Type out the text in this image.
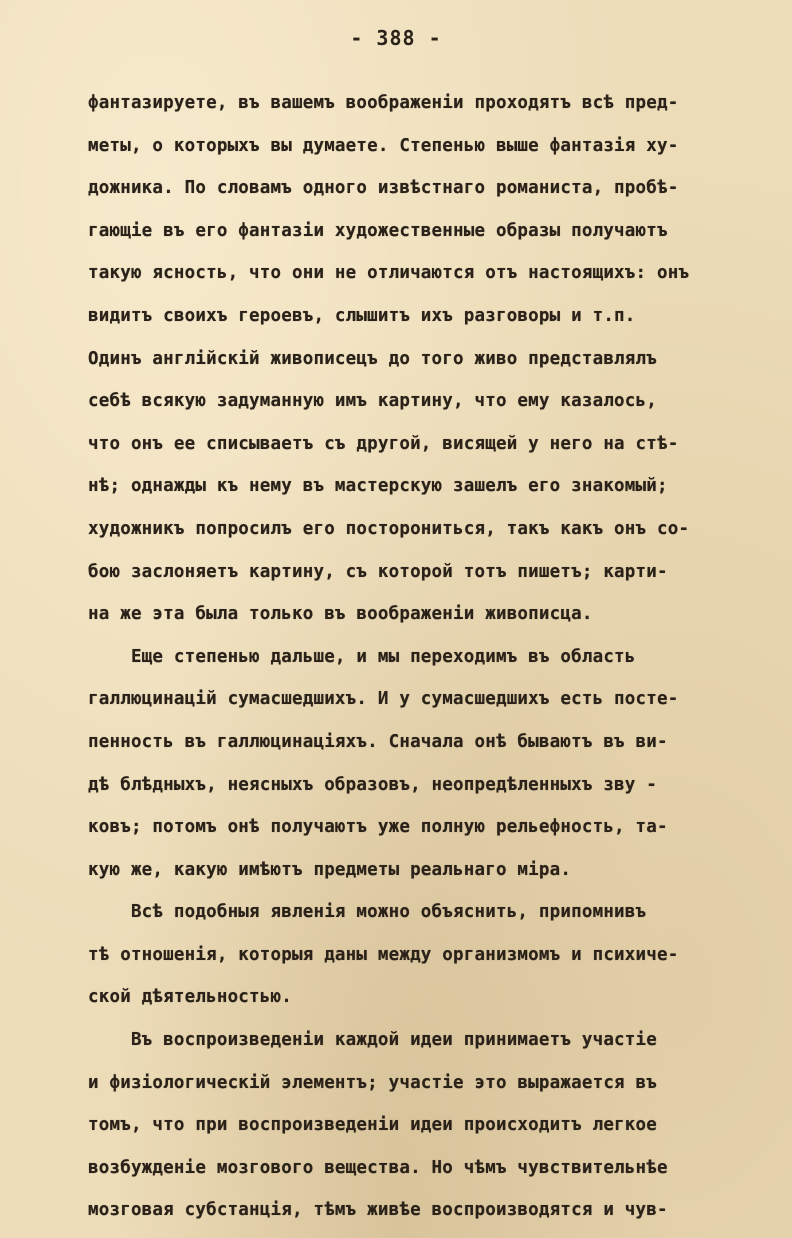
- 388 -
фантазируете, въ вашемъ воображенiи проходятъ всѣ пред-
меты, о которыхъ вы думаете. Степенью выше фантазiя ху-
дожника. По словамъ одного извѣстнаго романиста, пробѣ-
гающiе въ его фантазiи художественные образы получаютъ
такую ясность, что они не отличаются отъ настоящихъ: онъ
видитъ своихъ героевъ, слышитъ ихъ разговоры и т.п.
Одинъ англiйскiй живописецъ до того живо представлялъ
себѣ всякую задуманную имъ картину, что ему казалось,
что онъ ее списываетъ съ другой, висящей у него на стѣ-
нѣ; однажды къ нему въ мастерскую зашелъ его знакомый;
художникъ попросилъ его посторониться, такъ какъ онъ со-
бою заслоняетъ картину, съ которой тотъ пишетъ; карти-
на же эта была только въ воображенiи живописца.
Еще степенью дальше, и мы переходимъ въ область
галлюцинацiй сумасшедшихъ. И у сумасшедшихъ есть посте-
пенность въ галлюцинацiяхъ. Сначала онѣ бываютъ въ ви-
дѣ блѣдныхъ, неясныхъ образовъ, неопредѣленныхъ зву -
ковъ; потомъ онѣ получаютъ уже полную рельефность, та-
кую же, какую имѣютъ предметы реальнаго мiра.
Всѣ подобныя явленiя можно объяснить, припомнивъ
тѣ отношенiя, которыя даны между организмомъ и психиче-
ской дѣятельностью.
Въ воспроизведенiи каждой идеи принимаетъ участiе
и физiологическiй элементъ; участiе это выражается въ
томъ, что при воспроизведенiи идеи происходитъ легкое
возбужденiе мозгового вещества. Но чѣмъ чувствительнѣе
мозговая субстанцiя, тѣмъ живѣе воспроизводятся и чув-
